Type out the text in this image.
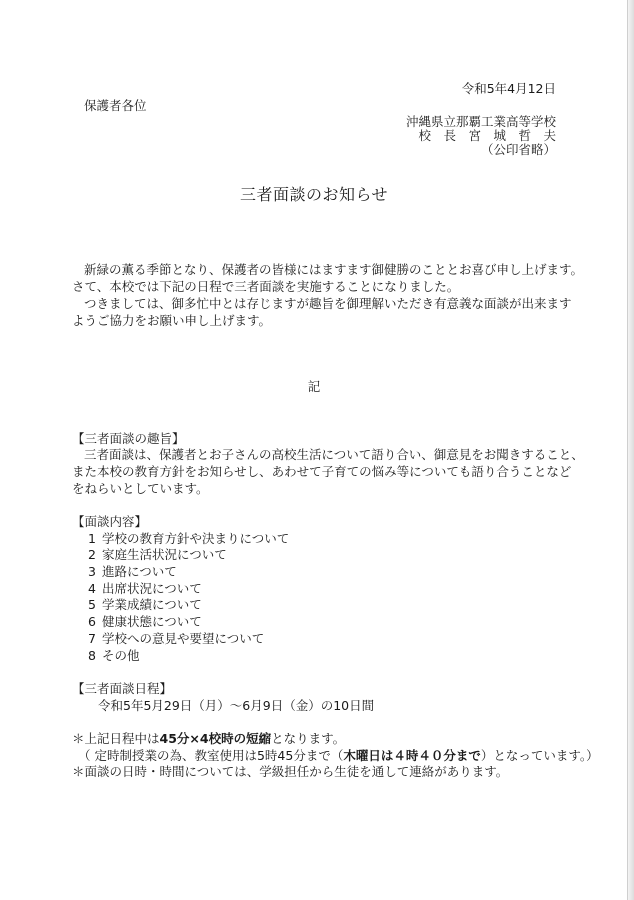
令和5年4月12日
保護者各位
沖縄県立那覇工業高等学校
校　長　宮　城　哲　夫
（公印省略）
三者面談のお知らせ
新緑の薫る季節となり、保護者の皆様にはますます御健勝のこととお喜び申し上げます。
さて、本校では下記の日程で三者面談を実施することになりました。
つきましては、御多忙中とは存じますが趣旨を御理解いただき有意義な面談が出来ます
ようご協力をお願い申し上げます。
記
【三者面談の趣旨】
三者面談は、保護者とお子さんの高校生活について語り合い、御意見をお聞きすること、
また本校の教育方針をお知らせし、あわせて子育ての悩み等についても語り合うことなど
をねらいとしています。
【面談内容】
1 学校の教育方針や決まりについて
2 家庭生活状況について
3 進路について
4 出席状況について
5 学業成績について
6 健康状態について
7 学校への意見や要望について
8 その他
【三者面談日程】
令和5年5月29日（月）～6月9日（金）の10日間
＊上記日程中は45分×4校時の短縮となります。
（ 定時制授業の為、教室使用は5時45分まで（木曜日は４時４０分まで）となっています。）
＊面談の日時・時間については、学級担任から生徒を通して連絡があります。
